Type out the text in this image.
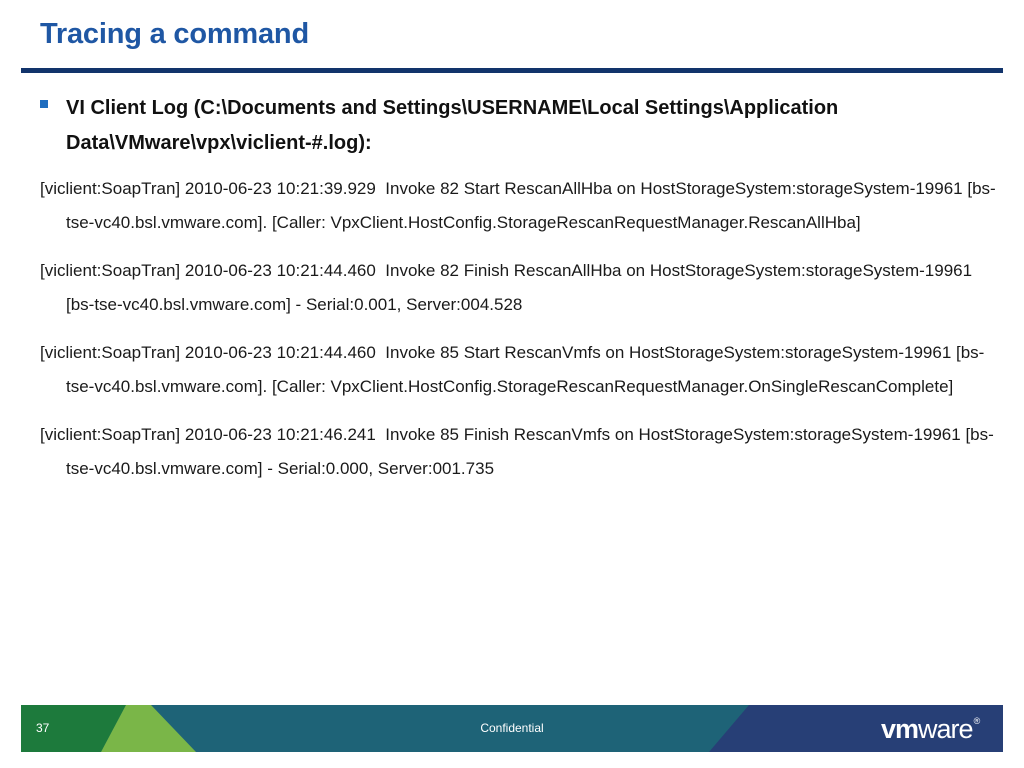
Tracing a command

VI Client Log (C:\Documents and Settings\USERNAME\Local Settings\Application Data\VMware\vpx\viclient-#.log):

[viclient:SoapTran] 2010-06-23 10:21:39.929  Invoke 82 Start RescanAllHba on HostStorageSystem:storageSystem-19961 [bs-tse-vc40.bsl.vmware.com]. [Caller: VpxClient.HostConfig.StorageRescanRequestManager.RescanAllHba]

[viclient:SoapTran] 2010-06-23 10:21:44.460  Invoke 82 Finish RescanAllHba on HostStorageSystem:storageSystem-19961 [bs-tse-vc40.bsl.vmware.com] - Serial:0.001, Server:004.528

[viclient:SoapTran] 2010-06-23 10:21:44.460  Invoke 85 Start RescanVmfs on HostStorageSystem:storageSystem-19961 [bs-tse-vc40.bsl.vmware.com]. [Caller: VpxClient.HostConfig.StorageRescanRequestManager.OnSingleRescanComplete]

[viclient:SoapTran] 2010-06-23 10:21:46.241  Invoke 85 Finish RescanVmfs on HostStorageSystem:storageSystem-19961 [bs-tse-vc40.bsl.vmware.com] - Serial:0.000, Server:001.735

37	Confidential	vmware®
